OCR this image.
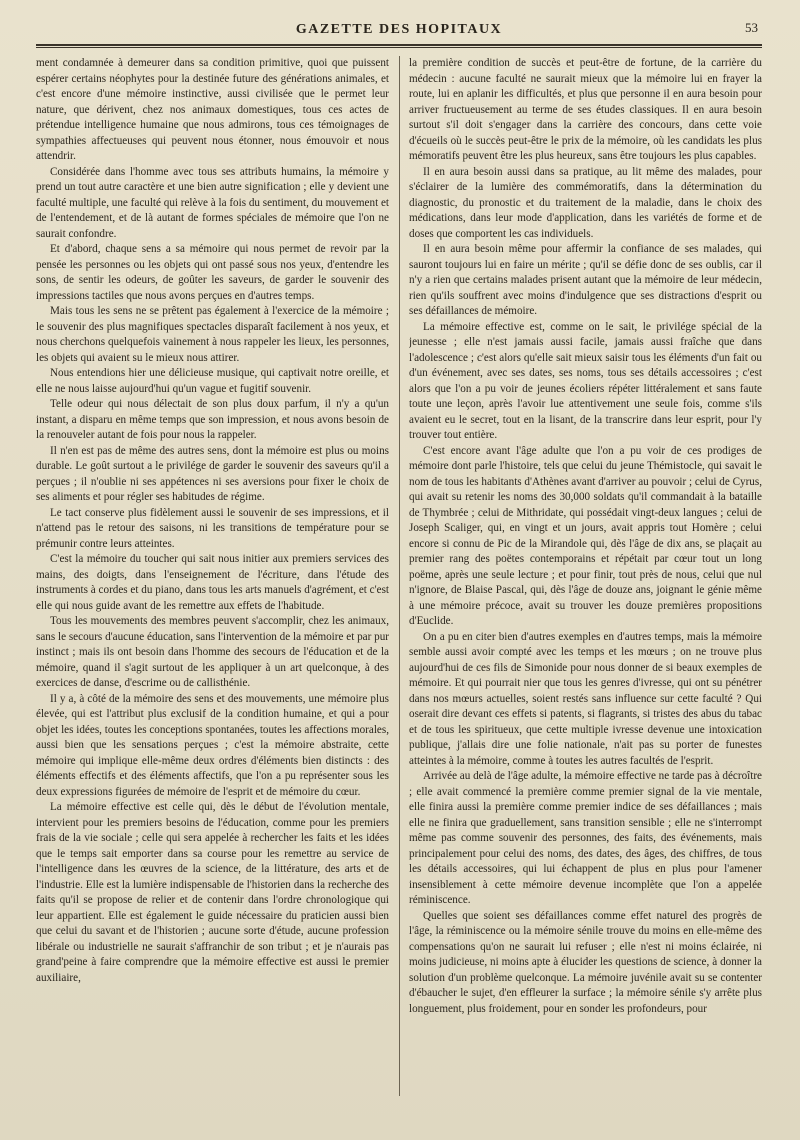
GAZETTE DES HOPITAUX	53

ment condamnée à demeurer dans sa condition primitive, quoi que puissent espérer certains néophytes pour la destinée future des générations animales, et c'est encore d'une mémoire instinctive, aussi civilisée que le permet leur nature, que dérivent, chez nos animaux domestiques, tous ces actes de prétendue intelligence humaine que nous admirons, tous ces témoignages de sympathies affectueuses qui peuvent nous étonner, nous émouvoir et nous attendrir.

Considérée dans l'homme avec tous ses attributs humains, la mémoire y prend un tout autre caractère et une bien autre signification ; elle y devient une faculté multiple, une faculté qui relève à la fois du sentiment, du mouvement et de l'entendement, et de là autant de formes spéciales de mémoire que l'on ne saurait confondre.

Et d'abord, chaque sens a sa mémoire qui nous permet de revoir par la pensée les personnes ou les objets qui ont passé sous nos yeux, d'entendre les sons, de sentir les odeurs, de goûter les saveurs, de garder le souvenir des impressions tactiles que nous avons perçues en d'autres temps.

Mais tous les sens ne se prêtent pas également à l'exercice de la mémoire ; le souvenir des plus magnifiques spectacles disparaît facilement à nos yeux, et nous cherchons quelquefois vainement à nous rappeler les lieux, les personnes, les objets qui avaient su le mieux nous attirer.

Nous entendions hier une délicieuse musique, qui captivait notre oreille, et elle ne nous laisse aujourd'hui qu'un vague et fugitif souvenir.

Telle odeur qui nous délectait de son plus doux parfum, il n'y a qu'un instant, a disparu en même temps que son impression, et nous avons besoin de la renouveler autant de fois pour nous la rappeler.

Il n'en est pas de même des autres sens, dont la mémoire est plus ou moins durable. Le goût surtout a le privilége de garder le souvenir des saveurs qu'il a perçues ; il n'oublie ni ses appétences ni ses aversions pour fixer le choix de ses aliments et pour régler ses habitudes de régime.

Le tact conserve plus fidèlement aussi le souvenir de ses impressions, et il n'attend pas le retour des saisons, ni les transitions de température pour se prémunir contre leurs atteintes.

C'est la mémoire du toucher qui sait nous initier aux premiers services des mains, des doigts, dans l'enseignement de l'écriture, dans l'étude des instruments à cordes et du piano, dans tous les arts manuels d'agrément, et c'est elle qui nous guide avant de les remettre aux effets de l'habitude.

Tous les mouvements des membres peuvent s'accomplir, chez les animaux, sans le secours d'aucune éducation, sans l'intervention de la mémoire et par pur instinct ; mais ils ont besoin dans l'homme des secours de l'éducation et de la mémoire, quand il s'agit surtout de les appliquer à un art quelconque, à des exercices de danse, d'escrime ou de callisthénie.

Il y a, à côté de la mémoire des sens et des mouvements, une mémoire plus élevée, qui est l'attribut plus exclusif de la condition humaine, et qui a pour objet les idées, toutes les conceptions spontanées, toutes les affections morales, aussi bien que les sensations perçues ; c'est la mémoire abstraite, cette mémoire qui implique elle-même deux ordres d'éléments bien distincts : des éléments effectifs et des éléments affectifs, que l'on a pu représenter sous les deux expressions figurées de mémoire de l'esprit et de mémoire du cœur.

La mémoire effective est celle qui, dès le début de l'évolution mentale, intervient pour les premiers besoins de l'éducation, comme pour les premiers frais de la vie sociale ; celle qui sera appelée à rechercher les faits et les idées que le temps sait emporter dans sa course pour les remettre au service de l'intelligence dans les œuvres de la science, de la littérature, des arts et de l'industrie. Elle est la lumière indispensable de l'historien dans la recherche des faits qu'il se propose de relier et de contenir dans l'ordre chronologique qui leur appartient. Elle est également le guide nécessaire du praticien aussi bien que celui du savant et de l'historien ; aucune sorte d'étude, aucune profession libérale ou industrielle ne saurait s'affranchir de son tribut ; et je n'aurais pas grand'peine à faire comprendre que la mémoire effective est aussi le premier auxiliaire,

la première condition de succès et peut-être de fortune, de la carrière du médecin : aucune faculté ne saurait mieux que la mémoire lui en frayer la route, lui en aplanir les difficultés, et plus que personne il en aura besoin pour arriver fructueusement au terme de ses études classiques. Il en aura besoin surtout s'il doit s'engager dans la carrière des concours, dans cette voie d'écueils où le succès peut-être le prix de la mémoire, où les candidats les plus mémoratifs peuvent être les plus heureux, sans être toujours les plus capables.

Il en aura besoin aussi dans sa pratique, au lit même des malades, pour s'éclairer de la lumière des commémoratifs, dans la détermination du diagnostic, du pronostic et du traitement de la maladie, dans le choix des médications, dans leur mode d'application, dans les variétés de forme et de doses que comportent les cas individuels.

Il en aura besoin même pour affermir la confiance de ses malades, qui sauront toujours lui en faire un mérite ; qu'il se défie donc de ses oublis, car il n'y a rien que certains malades prisent autant que la mémoire de leur médecin, rien qu'ils souffrent avec moins d'indulgence que ses distractions d'esprit ou ses défaillances de mémoire.

La mémoire effective est, comme on le sait, le privilége spécial de la jeunesse ; elle n'est jamais aussi facile, jamais aussi fraîche que dans l'adolescence ; c'est alors qu'elle sait mieux saisir tous les éléments d'un fait ou d'un événement, avec ses dates, ses noms, tous ses détails accessoires ; c'est alors que l'on a pu voir de jeunes écoliers répéter littéralement et sans faute toute une leçon, après l'avoir lue attentivement une seule fois, comme s'ils avaient eu le secret, tout en la lisant, de la transcrire dans leur esprit, pour l'y trouver tout entière.

C'est encore avant l'âge adulte que l'on a pu voir de ces prodiges de mémoire dont parle l'histoire, tels que celui du jeune Thémistocle, qui savait le nom de tous les habitants d'Athènes avant d'arriver au pouvoir ; celui de Cyrus, qui avait su retenir les noms des 30,000 soldats qu'il commandait à la bataille de Thymbrée ; celui de Mithridate, qui possédait vingt-deux langues ; celui de Joseph Scaliger, qui, en vingt et un jours, avait appris tout Homère ; celui encore si connu de Pic de la Mirandole qui, dès l'âge de dix ans, se plaçait au premier rang des poëtes contemporains et répétait par cœur tout un long poëme, après une seule lecture ; et pour finir, tout près de nous, celui que nul n'ignore, de Blaise Pascal, qui, dès l'âge de douze ans, joignant le génie même à une mémoire précoce, avait su trouver les douze premières propositions d'Euclide.

On a pu en citer bien d'autres exemples en d'autres temps, mais la mémoire semble aussi avoir compté avec les temps et les mœurs ; on ne trouve plus aujourd'hui de ces fils de Simonide pour nous donner de si beaux exemples de mémoire. Et qui pourrait nier que tous les genres d'ivresse, qui ont su pénétrer dans nos mœurs actuelles, soient restés sans influence sur cette faculté ? Qui oserait dire devant ces effets si patents, si flagrants, si tristes des abus du tabac et de tous les spiritueux, que cette multiple ivresse devenue une intoxication publique, j'allais dire une folie nationale, n'ait pas su porter de funestes atteintes à la mémoire, comme à toutes les autres facultés de l'esprit.

Arrivée au delà de l'âge adulte, la mémoire effective ne tarde pas à décroître ; elle avait commencé la première comme premier signal de la vie mentale, elle finira aussi la première comme premier indice de ses défaillances ; mais elle ne finira que graduellement, sans transition sensible ; elle ne s'interrompt même pas comme souvenir des personnes, des faits, des événements, mais principalement pour celui des noms, des dates, des âges, des chiffres, de tous les détails accessoires, qui lui échappent de plus en plus pour l'amener insensiblement à cette mémoire devenue incomplète que l'on a appelée réminiscence.

Quelles que soient ses défaillances comme effet naturel des progrès de l'âge, la réminiscence ou la mémoire sénile trouve du moins en elle-même des compensations qu'on ne saurait lui refuser ; elle n'est ni moins éclairée, ni moins judicieuse, ni moins apte à élucider les questions de science, à donner la solution d'un problème quelconque. La mémoire juvénile avait su se contenter d'ébaucher le sujet, d'en effleurer la surface ; la mémoire sénile s'y arrête plus longuement, plus froidement, pour en sonder les profondeurs, pour
